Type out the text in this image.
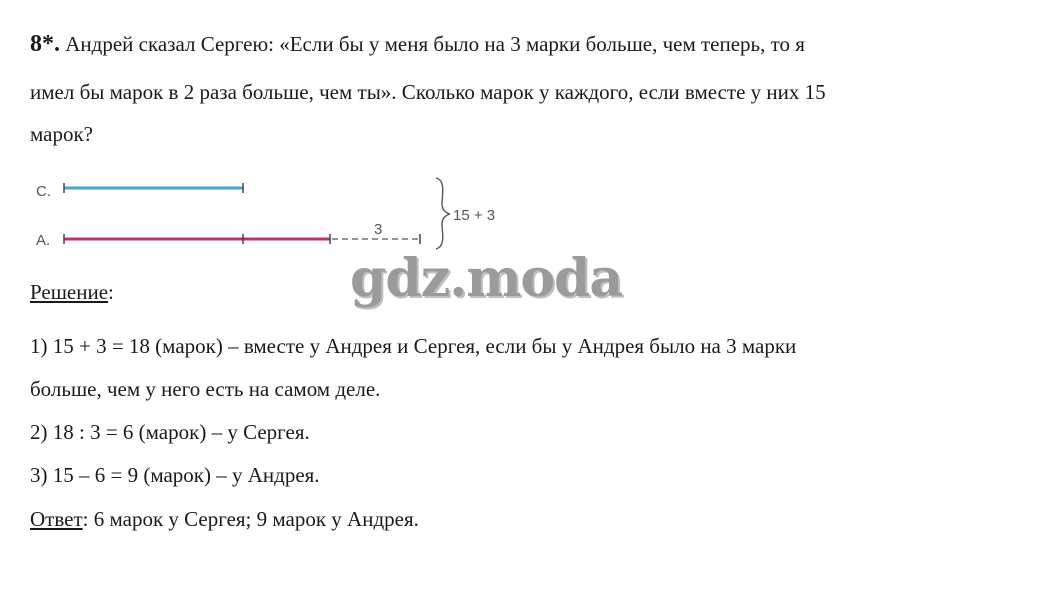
8*. Андрей сказал Сергею: «Если бы у меня было на 3 марки больше, чем теперь, то я
имел бы марок в 2 раза больше, чем ты». Сколько марок у каждого, если вместе у них 15
марок?
С.
А.
3
15 + 3
gdz.moda
Решение:
1) 15 + 3 = 18 (марок) – вместе у Андрея и Сергея, если бы у Андрея было на 3 марки
больше, чем у него есть на самом деле.
2) 18 : 3 = 6 (марок) – у Сергея.
3) 15 – 6 = 9 (марок) – у Андрея.
Ответ: 6 марок у Сергея; 9 марок у Андрея.
